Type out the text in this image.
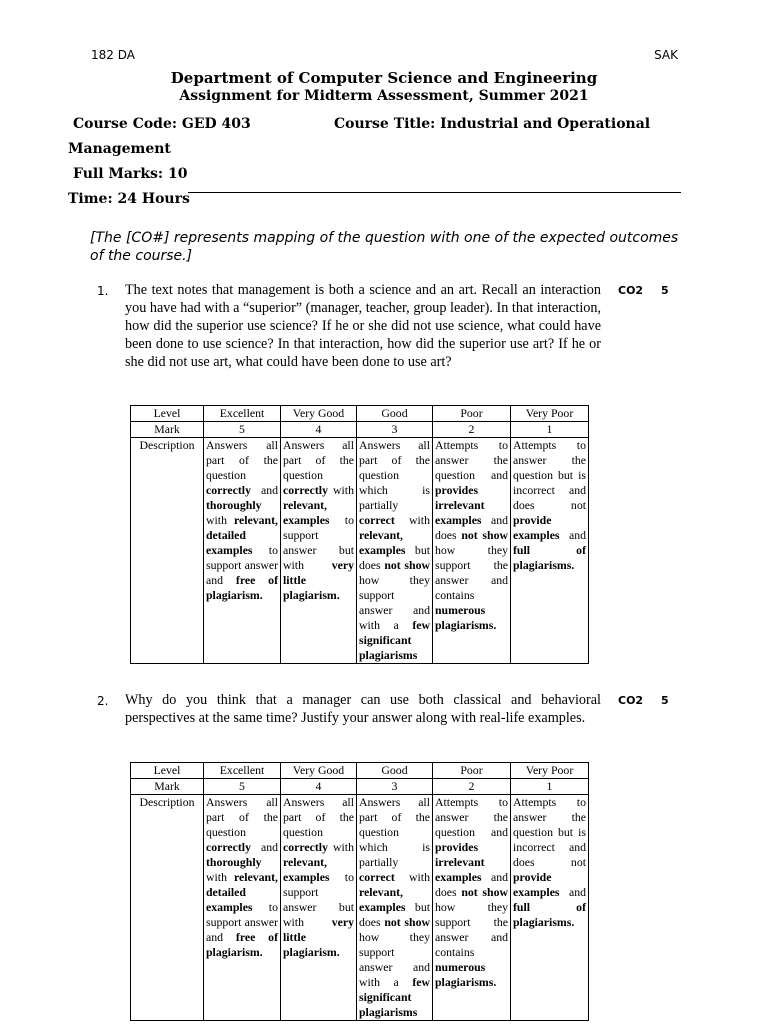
182 DA	SAK
Department of Computer Science and Engineering
Assignment for Midterm Assessment, Summer 2021
Course Code: GED 403	Course Title: Industrial and Operational
Management
Full Marks: 10
Time: 24 Hours
[The [CO#] represents mapping of the question with one of the expected outcomes of the course.]
1. The text notes that management is both a science and an art. Recall an interaction you have had with a “superior” (manager, teacher, group leader). In that interaction, how did the superior use science? If he or she did not use science, what could have been done to use science? In that interaction, how did the superior use art? If he or she did not use art, what could have been done to use art?
CO2 5
Level	Excellent	Very Good	Good	Poor	Very Poor
Mark	5	4	3	2	1
Description	Answers all part of the question correctly and thoroughly with relevant, detailed examples to support answer and free of plagiarism.	Answers all part of the question correctly with relevant, examples to support answer but with very little plagiarism.	Answers all part of the question which is partially correct with relevant, examples but does not show how they support answer and with a few significant plagiarisms	Attempts to answer the question and provides irrelevant examples and does not show how they support the answer and contains numerous plagiarisms.	Attempts to answer the question but is incorrect and does not provide examples and full of plagiarisms.
2. Why do you think that a manager can use both classical and behavioral perspectives at the same time? Justify your answer along with real-life examples.
CO2 5
Level	Excellent	Very Good	Good	Poor	Very Poor
Mark	5	4	3	2	1
Description	Answers all part of the question correctly and thoroughly with relevant, detailed examples to support answer and free of plagiarism.	Answers all part of the question correctly with relevant, examples to support answer but with very little plagiarism.	Answers all part of the question which is partially correct with relevant, examples but does not show how they support answer and with a few significant plagiarisms	Attempts to answer the question and provides irrelevant examples and does not show how they support the answer and contains numerous plagiarisms.	Attempts to answer the question but is incorrect and does not provide examples and full of plagiarisms.
